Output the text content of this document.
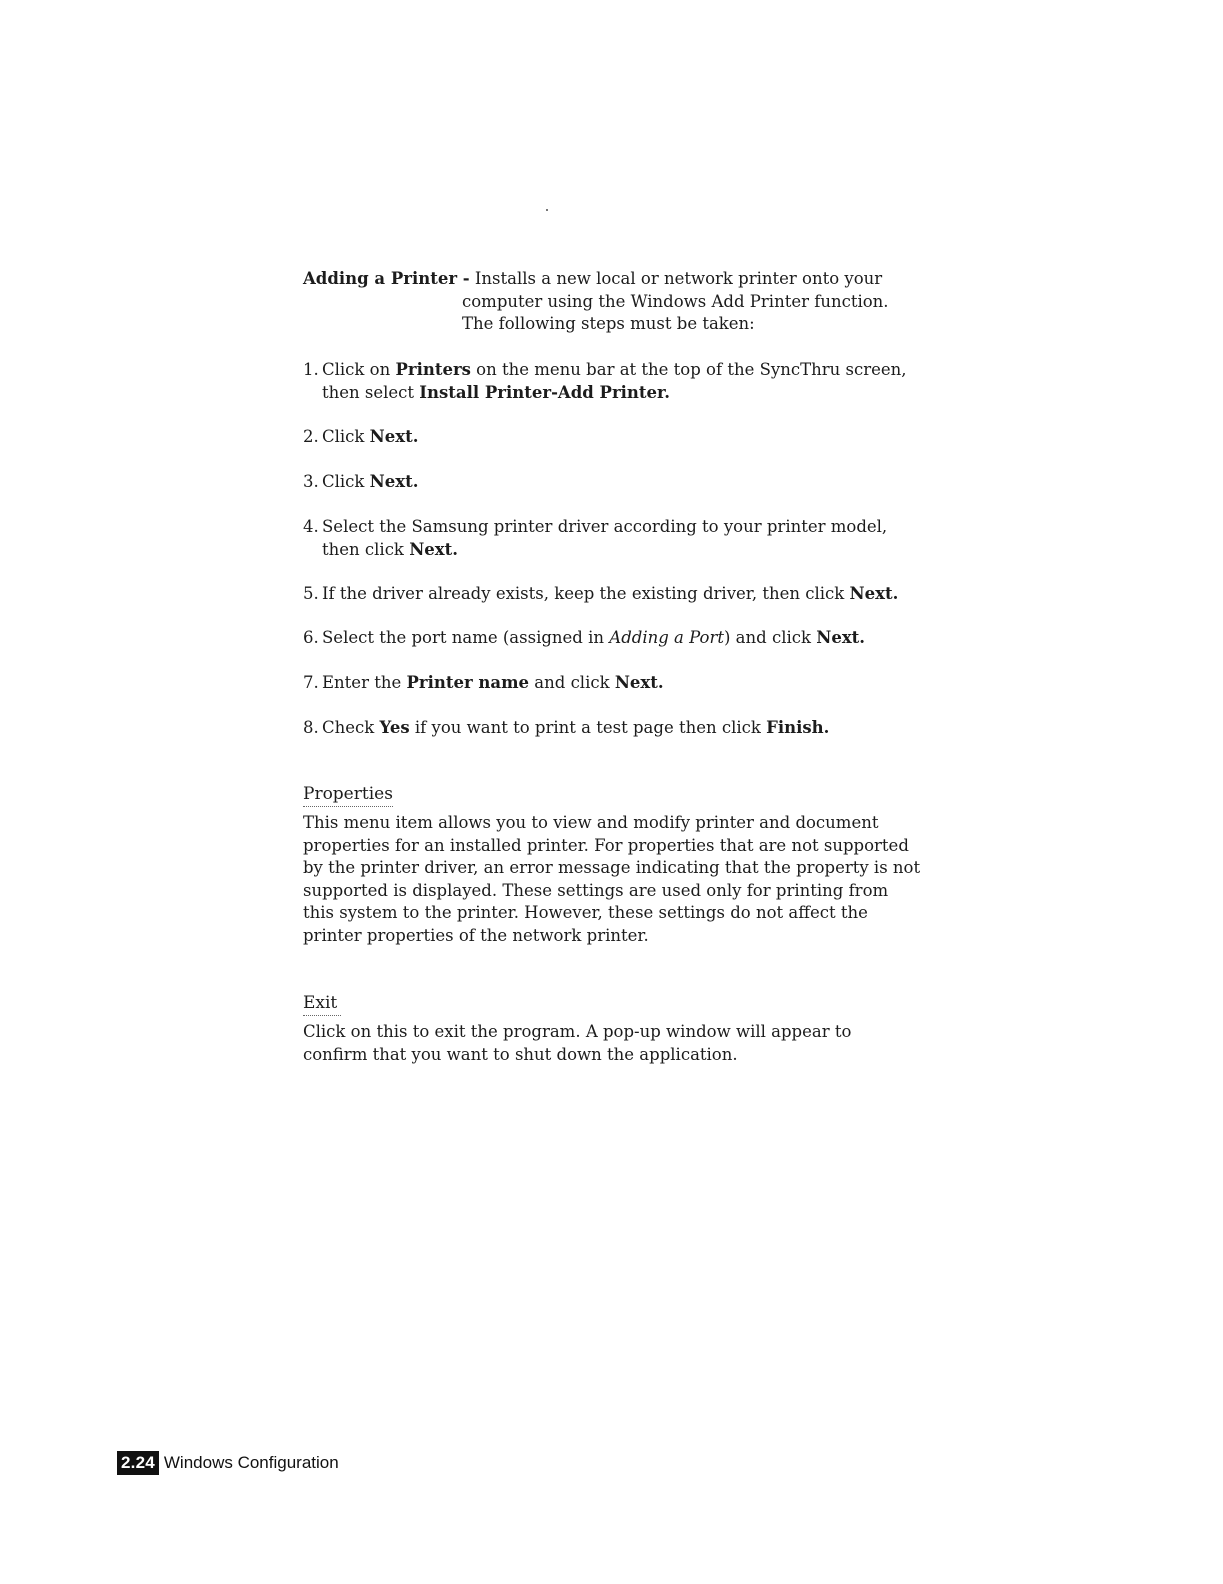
Adding a Printer - Installs a new local or network printer onto your
computer using the Windows Add Printer function.
The following steps must be taken:
1. Click on Printers on the menu bar at the top of the SyncThru screen,
then select Install Printer-Add Printer.
2. Click Next.
3. Click Next.
4. Select the Samsung printer driver according to your printer model,
then click Next.
5. If the driver already exists, keep the existing driver, then click Next.
6. Select the port name (assigned in Adding a Port) and click Next.
7. Enter the Printer name and click Next.
8. Check Yes if you want to print a test page then click Finish.
Properties
This menu item allows you to view and modify printer and document
properties for an installed printer. For properties that are not supported
by the printer driver, an error message indicating that the property is not
supported is displayed. These settings are used only for printing from
this system to the printer. However, these settings do not affect the
printer properties of the network printer.
Exit
Click on this to exit the program. A pop-up window will appear to
confirm that you want to shut down the application.
2.24 Windows Configuration
